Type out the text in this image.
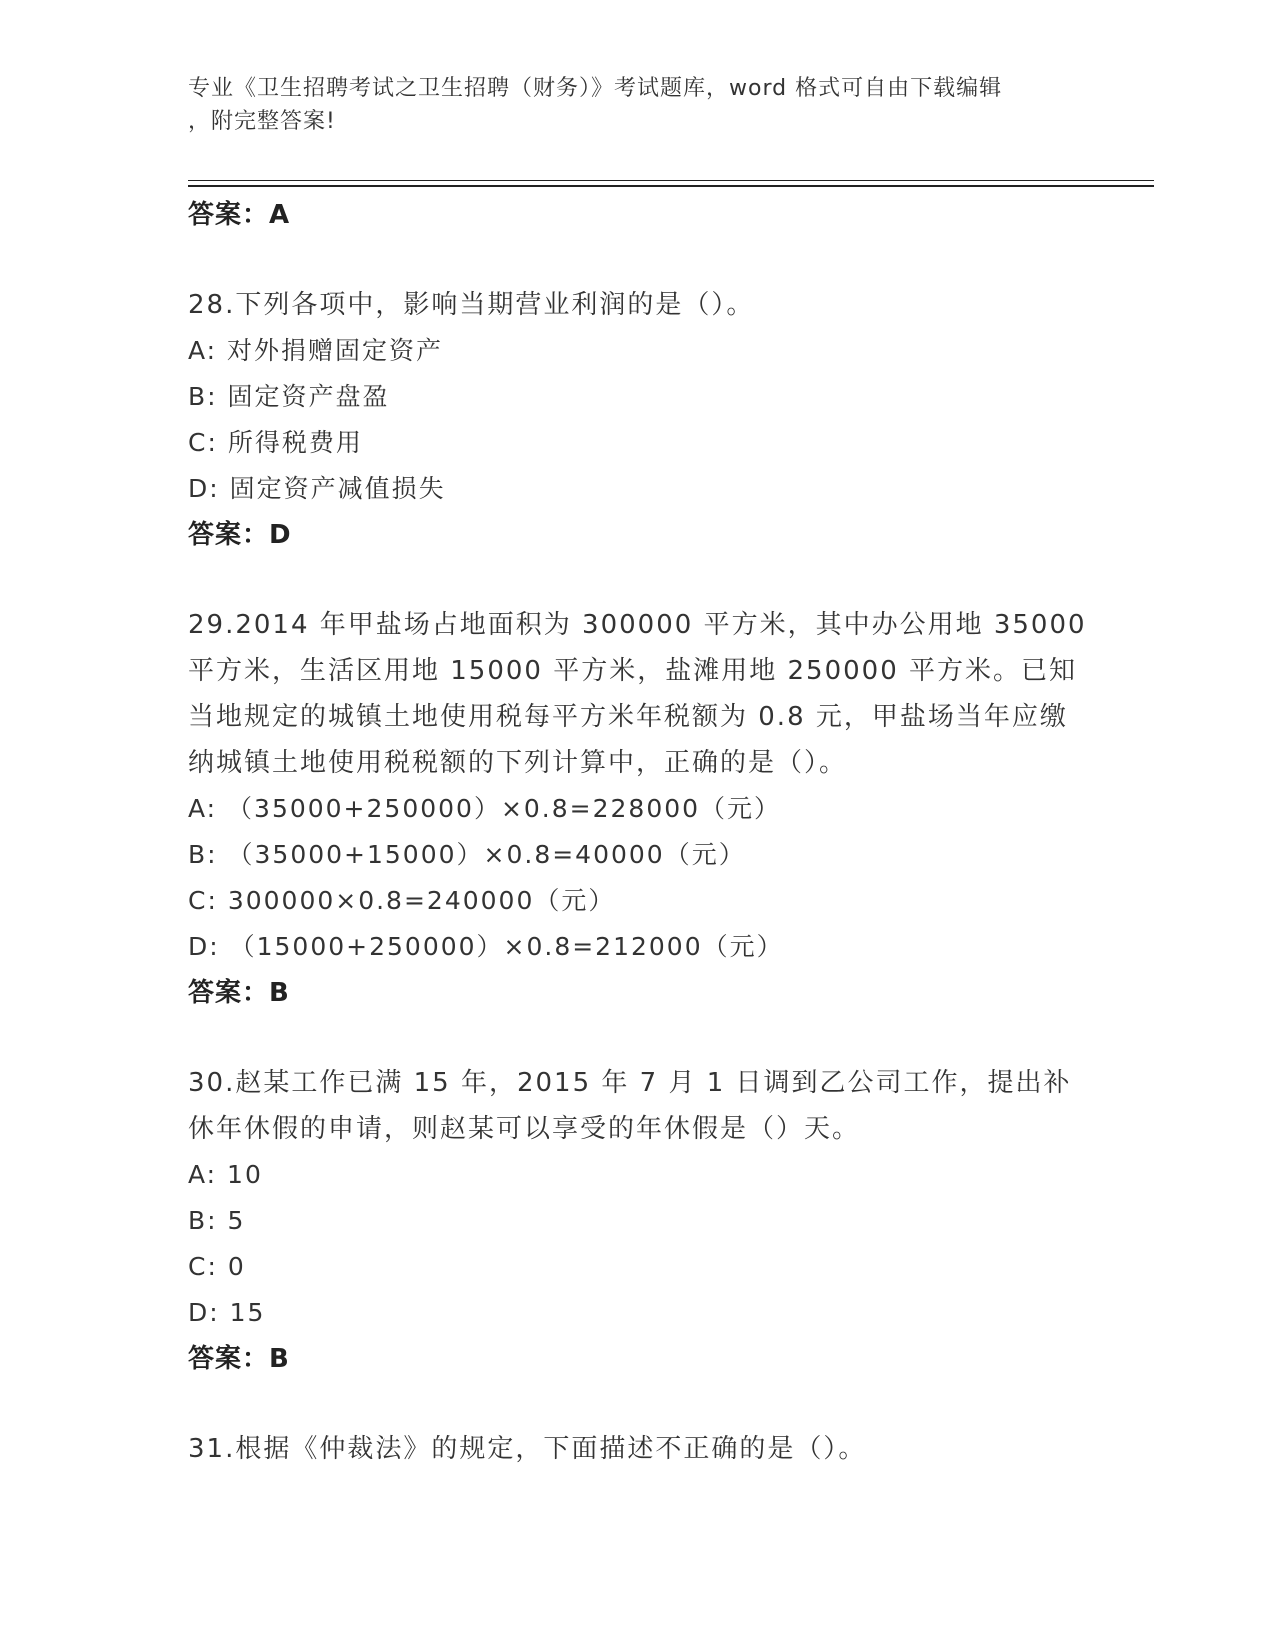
专业《卫生招聘考试之卫生招聘（财务）》考试题库，word 格式可自由下载编辑
，附完整答案!

答案：A

28.下列各项中，影响当期营业利润的是（）。

A: 对外捐赠固定资产

B: 固定资产盘盈

C: 所得税费用

D: 固定资产减值损失

答案：D

29.2014 年甲盐场占地面积为 300000 平方米，其中办公用地 35000 平方米，生活区用地 15000 平方米，盐滩用地 250000 平方米。已知当地规定的城镇土地使用税每平方米年税额为 0.8 元，甲盐场当年应缴纳城镇土地使用税税额的下列计算中，正确的是（）。

A: （35000+250000）×0.8=228000（元）

B: （35000+15000）×0.8=40000（元）

C: 300000×0.8=240000（元）

D: （15000+250000）×0.8=212000（元）

答案：B

30.赵某工作已满 15 年，2015 年 7 月 1 日调到乙公司工作，提出补休年休假的申请，则赵某可以享受的年休假是（）天。

A: 10

B: 5

C: 0

D: 15

答案：B

31.根据《仲裁法》的规定，下面描述不正确的是（）。
